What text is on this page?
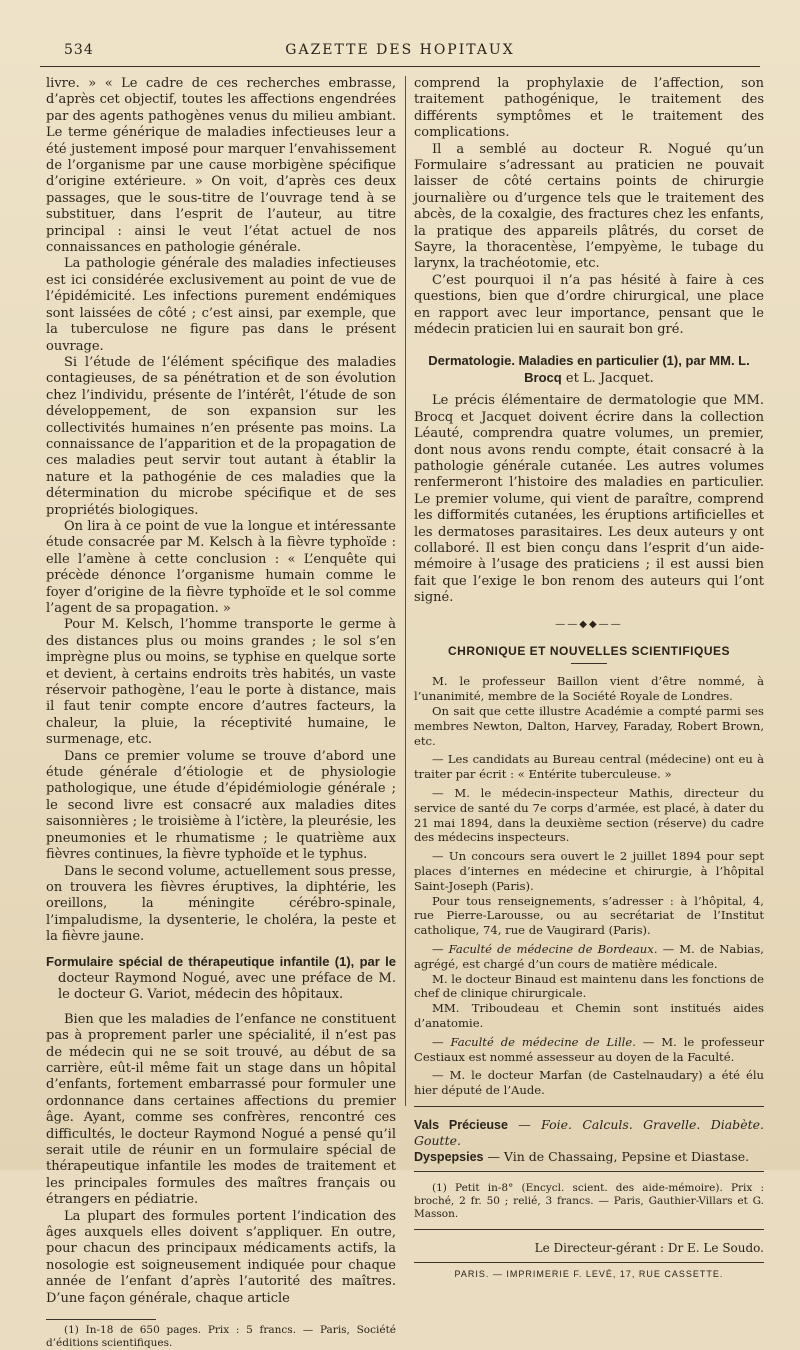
534	GAZETTE DES HOPITAUX

livre. » « Le cadre de ces recherches embrasse, d’après cet objectif, toutes les affections engendrées par des agents pathogènes venus du milieu ambiant. Le terme générique de maladies infectieuses leur a été justement imposé pour marquer l’envahissement de l’organisme par une cause morbigène spécifique d’origine extérieure. » On voit, d’après ces deux passages, que le sous-titre de l’ouvrage tend à se substituer, dans l’esprit de l’auteur, au titre principal : ainsi le veut l’état actuel de nos connaissances en pathologie générale.

La pathologie générale des maladies infectieuses est ici considérée exclusivement au point de vue de l’épidémicité. Les infections purement endémiques sont laissées de côté ; c’est ainsi, par exemple, que la tuberculose ne figure pas dans le présent ouvrage.

Si l’étude de l’élément spécifique des maladies contagieuses, de sa pénétration et de son évolution chez l’individu, présente de l’intérêt, l’étude de son développement, de son expansion sur les collectivités humaines n’en présente pas moins. La connaissance de l’apparition et de la propagation de ces maladies peut servir tout autant à établir la nature et la pathogénie de ces maladies que la détermination du microbe spécifique et de ses propriétés biologiques.

On lira à ce point de vue la longue et intéressante étude consacrée par M. Kelsch à la fièvre typhoïde : elle l’amène à cette conclusion : « L’enquête qui précède dénonce l’organisme humain comme le foyer d’origine de la fièvre typhoïde et le sol comme l’agent de sa propagation. »

Pour M. Kelsch, l’homme transporte le germe à des distances plus ou moins grandes ; le sol s’en imprègne plus ou moins, se typhise en quelque sorte et devient, à certains endroits très habités, un vaste réservoir pathogène, l’eau le porte à distance, mais il faut tenir compte encore d’autres facteurs, la chaleur, la pluie, la réceptivité humaine, le surmenage, etc.

Dans ce premier volume se trouve d’abord une étude générale d’étiologie et de physiologie pathologique, une étude d’épidémiologie générale ; le second livre est consacré aux maladies dites saisonnières ; le troisième à l’ictère, la pleurésie, les pneumonies et le rhumatisme ; le quatrième aux fièvres continues, la fièvre typhoïde et le typhus.

Dans le second volume, actuellement sous presse, on trouvera les fièvres éruptives, la diphtérie, les oreillons, la méningite cérébro-spinale, l’impaludisme, la dysenterie, le choléra, la peste et la fièvre jaune.

Formulaire spécial de thérapeutique infantile (1), par le docteur Raymond Nogué, avec une préface de M. le docteur G. Variot, médecin des hôpitaux.

Bien que les maladies de l’enfance ne constituent pas à proprement parler une spécialité, il n’est pas de médecin qui ne se soit trouvé, au début de sa carrière, eût-il même fait un stage dans un hôpital d’enfants, fortement embarrassé pour formuler une ordonnance dans certaines affections du premier âge. Ayant, comme ses confrères, rencontré ces difficultés, le docteur Raymond Nogué a pensé qu’il serait utile de réunir en un formulaire spécial de thérapeutique infantile les modes de traitement et les principales formules des maîtres français ou étrangers en pédiatrie.

La plupart des formules portent l’indication des âges auxquels elles doivent s’appliquer. En outre, pour chacun des principaux médicaments actifs, la nosologie est soigneusement indiquée pour chaque année de l’enfant d’après l’autorité des maîtres. D’une façon générale, chaque article

(1) In-18 de 650 pages. Prix : 5 francs. — Paris, Société d’éditions scientifiques.

comprend la prophylaxie de l’affection, son traitement pathogénique, le traitement des différents symptômes et le traitement des complications.

Il a semblé au docteur R. Nogué qu’un Formulaire s’adressant au praticien ne pouvait laisser de côté certains points de chirurgie journalière ou d’urgence tels que le traitement des abcès, de la coxalgie, des fractures chez les enfants, la pratique des appareils plâtrés, du corset de Sayre, la thoracentèse, l’empyème, le tubage du larynx, la trachéotomie, etc.

C’est pourquoi il n’a pas hésité à faire à ces questions, bien que d’ordre chirurgical, une place en rapport avec leur importance, pensant que le médecin praticien lui en saurait bon gré.

Dermatologie. Maladies en particulier (1), par MM. L. Brocq et L. Jacquet.

Le précis élémentaire de dermatologie que MM. Brocq et Jacquet doivent écrire dans la collection Léauté, comprendra quatre volumes, un premier, dont nous avons rendu compte, était consacré à la pathologie générale cutanée. Les autres volumes renfermeront l’histoire des maladies en particulier. Le premier volume, qui vient de paraître, comprend les difformités cutanées, les éruptions artificielles et les dermatoses parasitaires. Les deux auteurs y ont collaboré. Il est bien conçu dans l’esprit d’un aide-mémoire à l’usage des praticiens ; il est aussi bien fait que l’exige le bon renom des auteurs qui l’ont signé.

——◆◆——
CHRONIQUE ET NOUVELLES SCIENTIFIQUES

M. le professeur Baillon vient d’être nommé, à l’unanimité, membre de la Société Royale de Londres.

On sait que cette illustre Académie a compté parmi ses membres Newton, Dalton, Harvey, Faraday, Robert Brown, etc.

— Les candidats au Bureau central (médecine) ont eu à traiter par écrit : « Entérite tuberculeuse. »

— M. le médecin-inspecteur Mathis, directeur du service de santé du 7e corps d’armée, est placé, à dater du 21 mai 1894, dans la deuxième section (réserve) du cadre des médecins inspecteurs.

— Un concours sera ouvert le 2 juillet 1894 pour sept places d’internes en médecine et chirurgie, à l’hôpital Saint-Joseph (Paris).

Pour tous renseignements, s’adresser : à l’hôpital, 4, rue Pierre-Larousse, ou au secrétariat de l’Institut catholique, 74, rue de Vaugirard (Paris).

— Faculté de médecine de Bordeaux. — M. de Nabias, agrégé, est chargé d’un cours de matière médicale.

M. le docteur Binaud est maintenu dans les fonctions de chef de clinique chirurgicale.

MM. Triboudeau et Chemin sont institués aides d’anatomie.

— Faculté de médecine de Lille. — M. le professeur Cestiaux est nommé assesseur au doyen de la Faculté.

— M. le docteur Marfan (de Castelnaudary) a été élu hier député de l’Aude.

Vals Précieuse — Foie. Calculs. Gravelle. Diabète. Goutte.
Dyspepsies — Vin de Chassaing, Pepsine et Diastase.

(1) Petit in-8° (Encycl. scient. des aide-mémoire). Prix : broché, 2 fr. 50 ; relié, 3 francs. — Paris, Gauthier-Villars et G. Masson.

Le Directeur-gérant : Dr E. Le Soudo.
PARIS. — IMPRIMERIE F. LEVÉ, 17, RUE CASSETTE.
